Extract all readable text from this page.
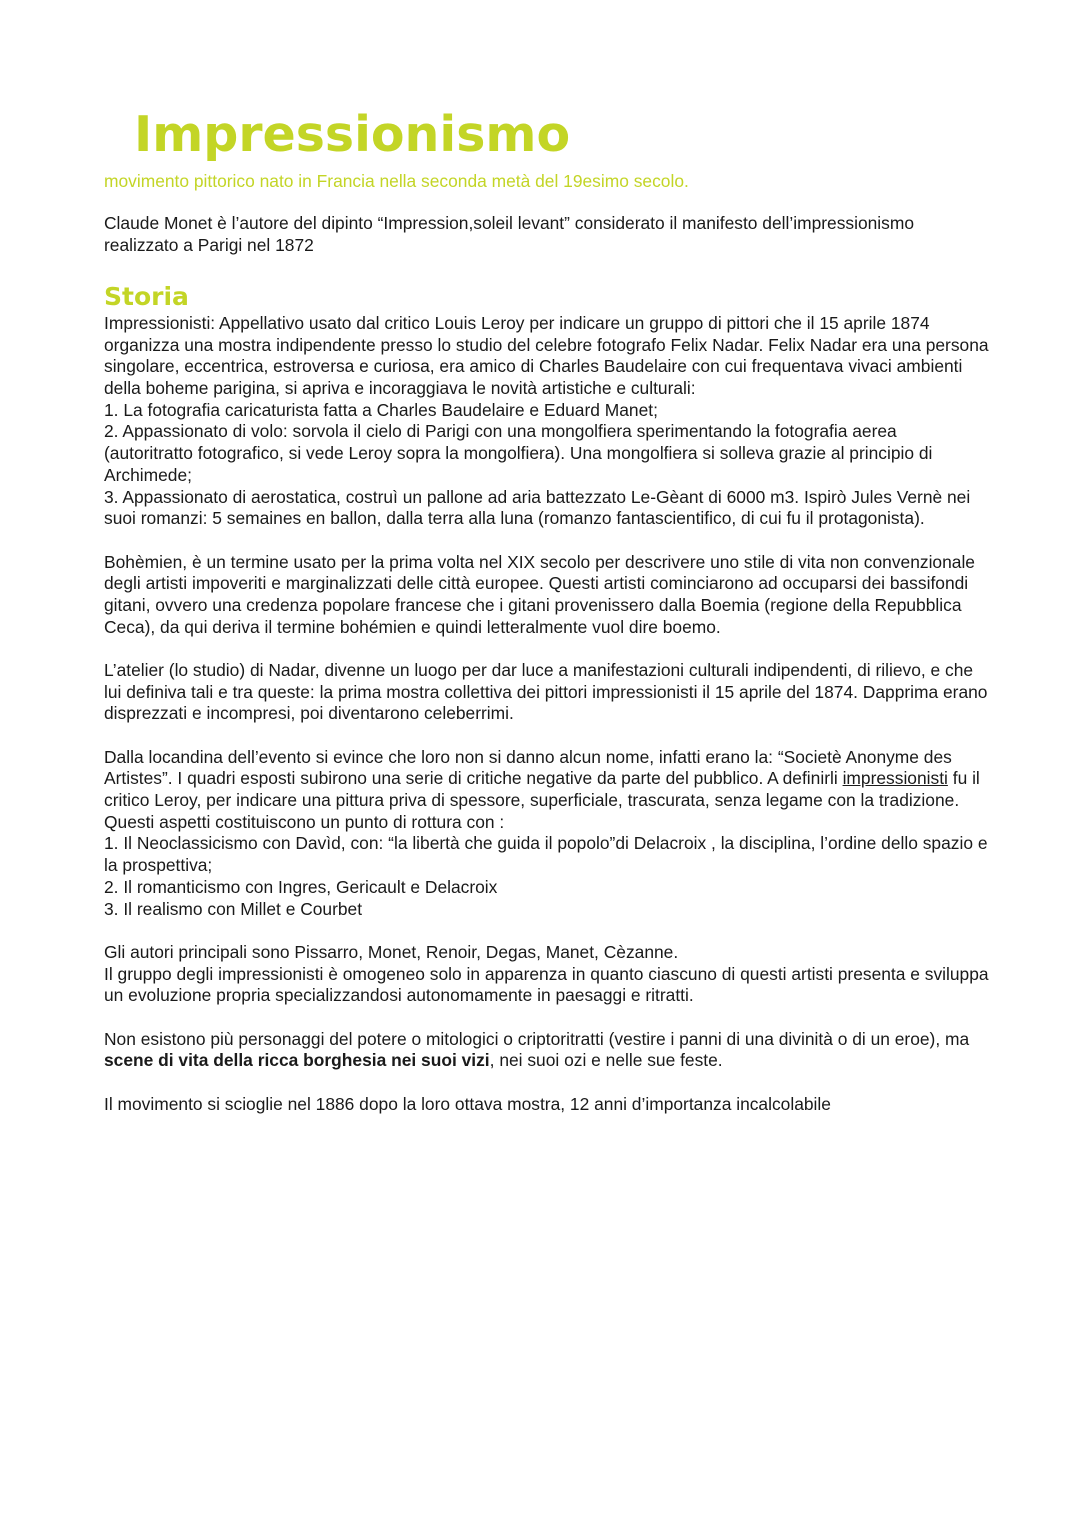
Impressionismo

movimento pittorico nato in Francia nella seconda metà del 19esimo secolo.

Claude Monet è l’autore del dipinto “Impression,soleil levant” considerato il manifesto dell’impressionismo realizzato a Parigi nel 1872

Storia

Impressionisti: Appellativo usato dal critico Louis Leroy per indicare un gruppo di pittori che il 15 aprile 1874 organizza una mostra indipendente presso lo studio del celebre fotografo Felix Nadar. Felix Nadar era una persona singolare, eccentrica, estroversa e curiosa, era amico di Charles Baudelaire con cui frequentava vivaci ambienti della boheme parigina, si apriva e incoraggiava le novità artistiche e culturali:

1. La fotografia caricaturista fatta a Charles Baudelaire e Eduard Manet;
2. Appassionato di volo: sorvola il cielo di Parigi con una mongolfiera sperimentando la fotografia aerea (autoritratto fotografico, si vede Leroy sopra la mongolfiera). Una mongolfiera si solleva grazie al principio di Archimede;
3. Appassionato di aerostatica, costruì un pallone ad aria battezzato Le-Gèant di 6000 m3. Ispirò Jules Vernè nei suoi romanzi: 5 semaines en ballon, dalla terra alla luna (romanzo fantascientifico, di cui fu il protagonista).

Bohèmien, è un termine usato per la prima volta nel XIX secolo per descrivere uno stile di vita non convenzionale degli artisti impoveriti e marginalizzati delle città europee. Questi artisti cominciarono ad occuparsi dei bassifondi gitani, ovvero una credenza popolare francese che i gitani provenissero dalla Boemia (regione della Repubblica Ceca), da qui deriva il termine bohémien e quindi letteralmente vuol dire boemo.

L’atelier (lo studio) di Nadar, divenne un luogo per dar luce a manifestazioni culturali indipendenti, di rilievo, e che lui definiva tali e tra queste: la prima mostra collettiva dei pittori impressionisti il 15 aprile del 1874. Dapprima erano disprezzati e incompresi, poi diventarono celeberrimi.

Dalla locandina dell’evento si evince che loro non si danno alcun nome, infatti erano la: “Societè Anonyme des Artistes”. I quadri esposti subirono una serie di critiche negative da parte del pubblico. A definirli impressionisti fu il critico Leroy, per indicare una pittura priva di spessore, superficiale, trascurata, senza legame con la tradizione. Questi aspetti costituiscono un punto di rottura con :

1. Il Neoclassicismo con Davìd, con: “la libertà che guida il popolo”di Delacroix , la disciplina, l’ordine dello spazio e la prospettiva;
2. Il romanticismo con Ingres, Gericault e Delacroix
3. Il realismo con Millet e Courbet

Gli autori principali sono Pissarro, Monet, Renoir, Degas, Manet, Cèzanne.
Il gruppo degli impressionisti è omogeneo solo in apparenza in quanto ciascuno di questi artisti presenta e sviluppa un evoluzione propria specializzandosi autonomamente in paesaggi e ritratti.

Non esistono più personaggi del potere o mitologici o criptoritratti (vestire i panni di una divinità o di un eroe), ma scene di vita della ricca borghesia nei suoi vizi, nei suoi ozi e nelle sue feste.

Il movimento si scioglie nel 1886 dopo la loro ottava mostra, 12 anni d’importanza incalcolabile
